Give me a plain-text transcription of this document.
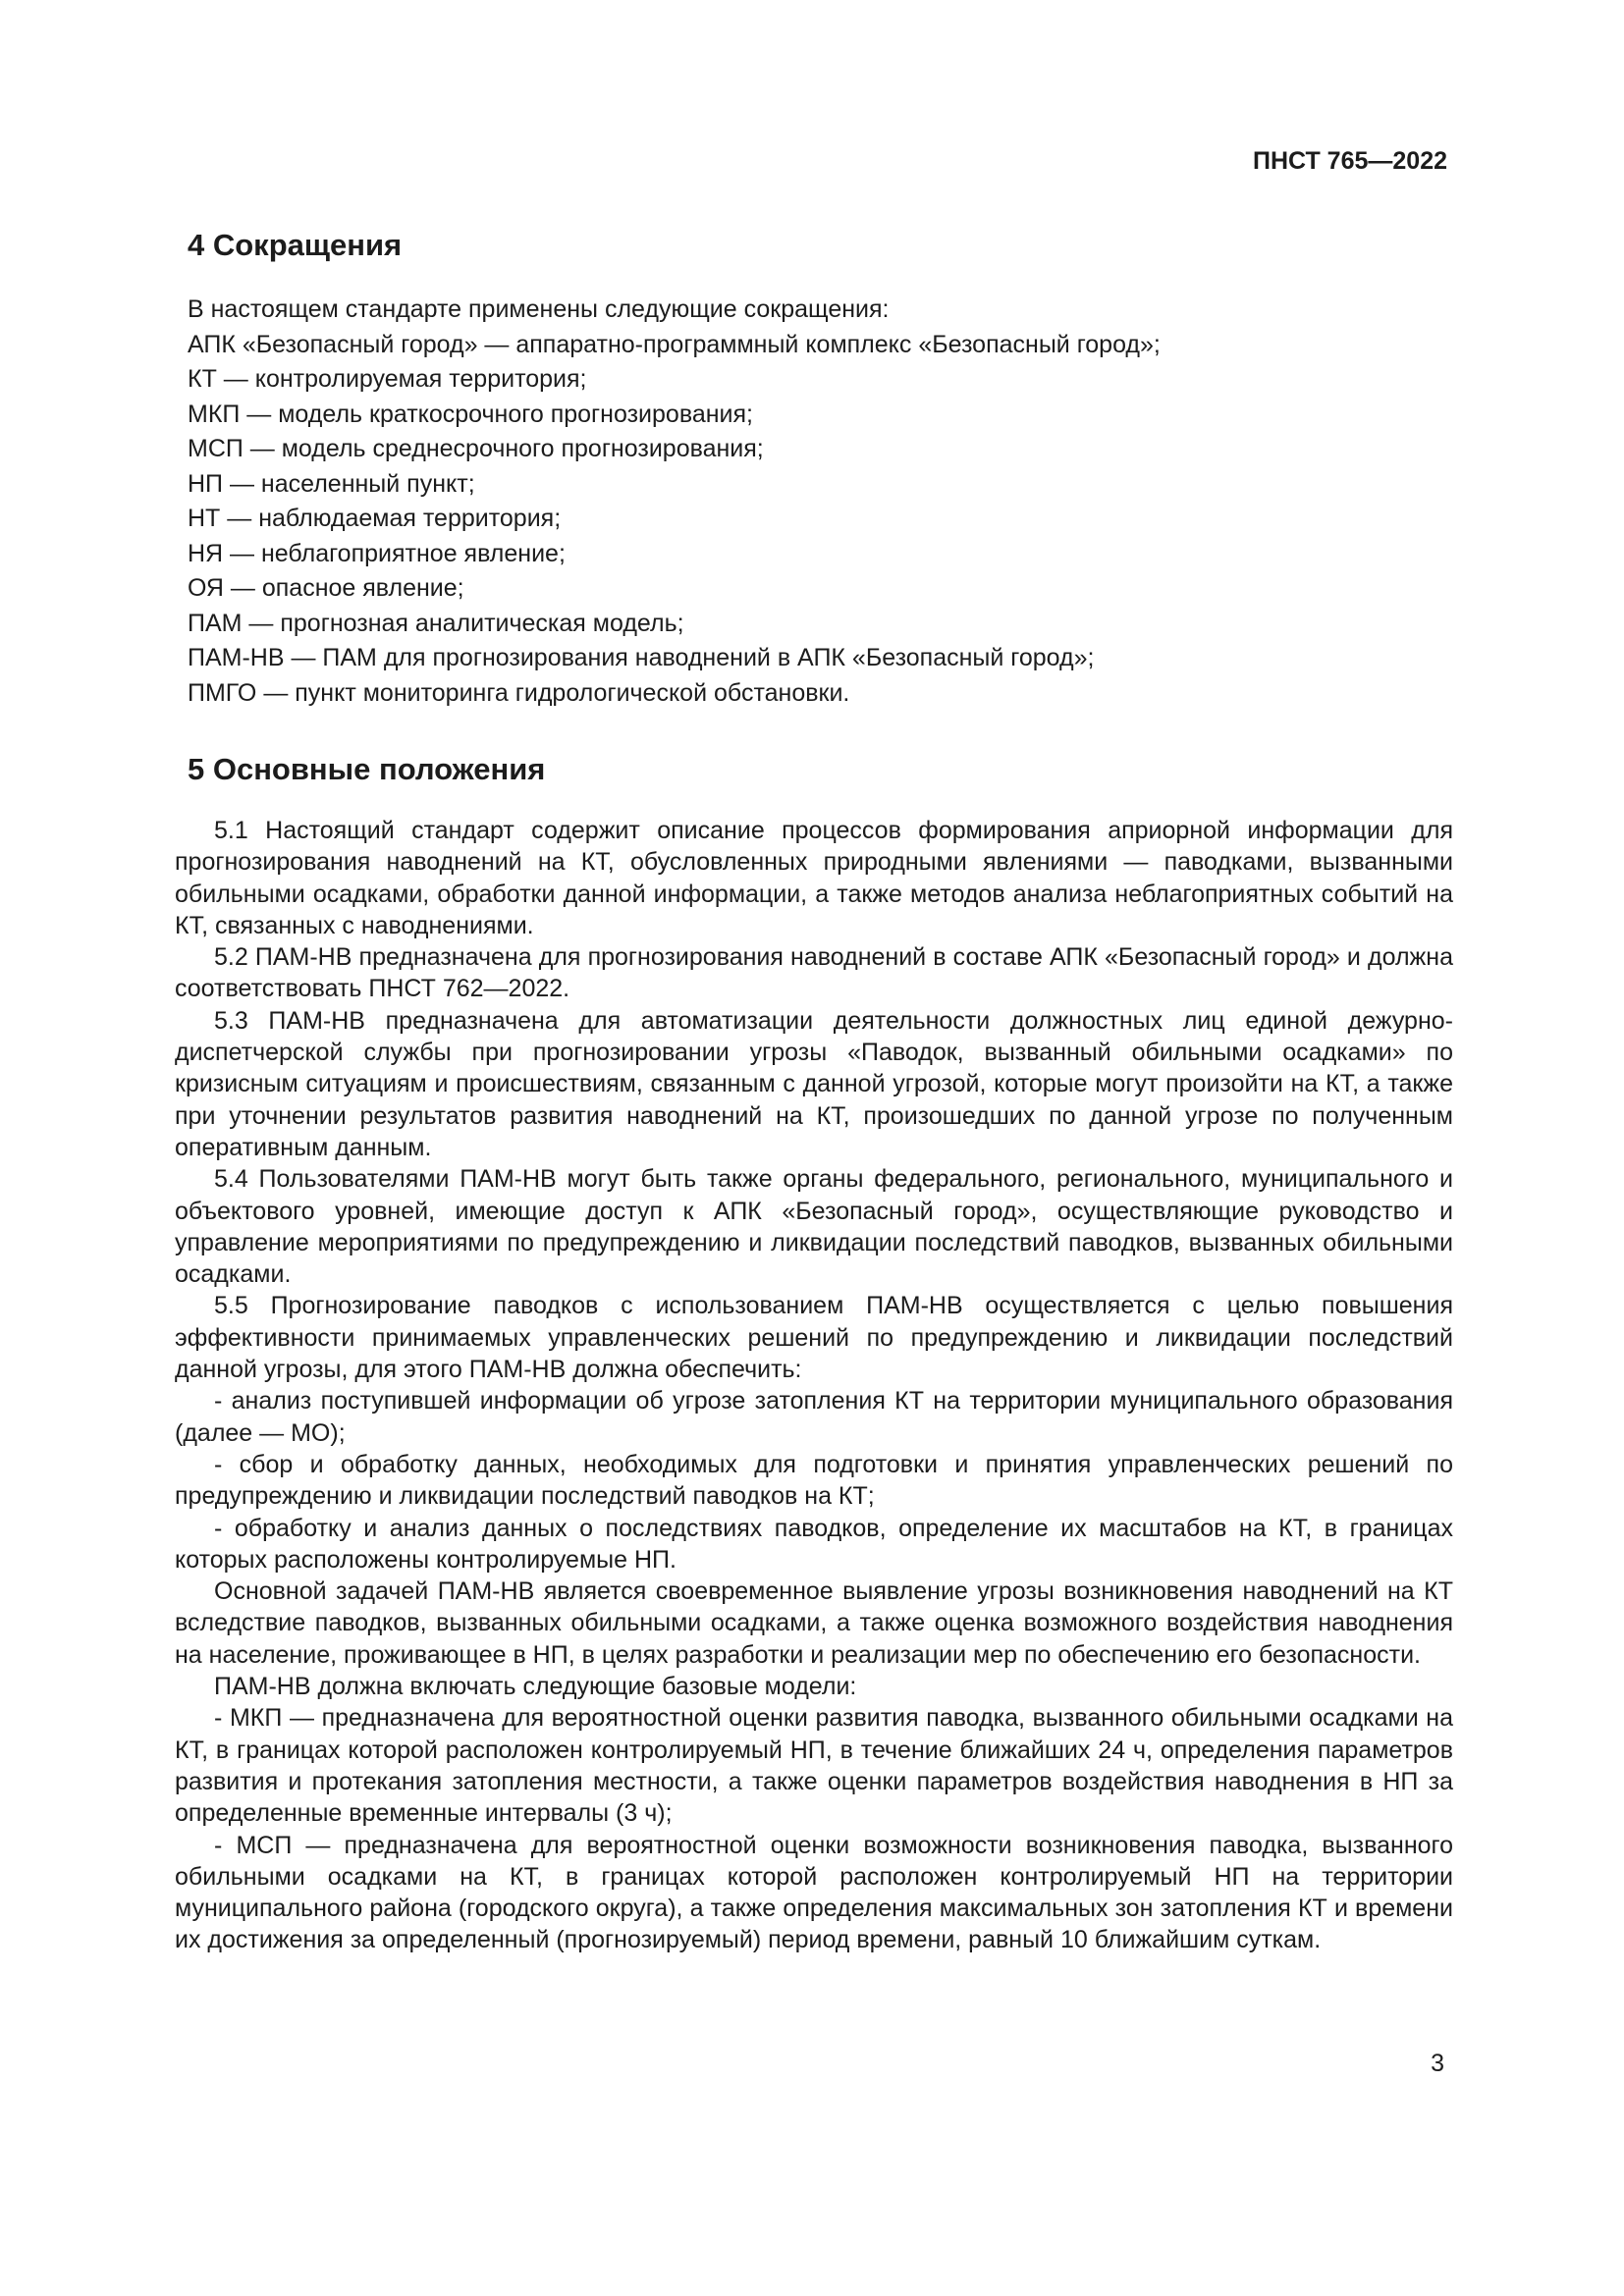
ПНСТ 765—2022
4 Сокращения
В настоящем стандарте применены следующие сокращения:
АПК «Безопасный город» — аппаратно-программный комплекс «Безопасный город»;
КТ — контролируемая территория;
МКП — модель краткосрочного прогнозирования;
МСП — модель среднесрочного прогнозирования;
НП — населенный пункт;
НТ — наблюдаемая территория;
НЯ — неблагоприятное явление;
ОЯ — опасное явление;
ПАМ — прогнозная аналитическая модель;
ПАМ-НВ — ПАМ для прогнозирования наводнений в АПК «Безопасный город»;
ПМГО — пункт мониторинга гидрологической обстановки.
5 Основные положения

5.1 Настоящий стандарт содержит описание процессов формирования априорной информации для прогнозирования наводнений на КТ, обусловленных природными явлениями — паводками, вызванными обильными осадками, обработки данной информации, а также методов анализа неблагоприятных событий на КТ, связанных с наводнениями.

5.2 ПАМ-НВ предназначена для прогнозирования наводнений в составе АПК «Безопасный город» и должна соответствовать ПНСТ 762—2022.

5.3 ПАМ-НВ предназначена для автоматизации деятельности должностных лиц единой дежурно-диспетчерской службы при прогнозировании угрозы «Паводок, вызванный обильными осадками» по кризисным ситуациям и происшествиям, связанным с данной угрозой, которые могут произойти на КТ, а также при уточнении результатов развития наводнений на КТ, произошедших по данной угрозе по полученным оперативным данным.

5.4 Пользователями ПАМ-НВ могут быть также органы федерального, регионального, муниципального и объектового уровней, имеющие доступ к АПК «Безопасный город», осуществляющие руководство и управление мероприятиями по предупреждению и ликвидации последствий паводков, вызванных обильными осадками.

5.5 Прогнозирование паводков с использованием ПАМ-НВ осуществляется с целью повышения эффективности принимаемых управленческих решений по предупреждению и ликвидации последствий данной угрозы, для этого ПАМ-НВ должна обеспечить:

- анализ поступившей информации об угрозе затопления КТ на территории муниципального образования (далее — МО);

- сбор и обработку данных, необходимых для подготовки и принятия управленческих решений по предупреждению и ликвидации последствий паводков на КТ;

- обработку и анализ данных о последствиях паводков, определение их масштабов на КТ, в границах которых расположены контролируемые НП.

Основной задачей ПАМ-НВ является своевременное выявление угрозы возникновения наводнений на КТ вследствие паводков, вызванных обильными осадками, а также оценка возможного воздействия наводнения на население, проживающее в НП, в целях разработки и реализации мер по обеспечению его безопасности.

ПАМ-НВ должна включать следующие базовые модели:

- МКП — предназначена для вероятностной оценки развития паводка, вызванного обильными осадками на КТ, в границах которой расположен контролируемый НП, в течение ближайших 24 ч, определения параметров развития и протекания затопления местности, а также оценки параметров воздействия наводнения в НП за определенные временные интервалы (3 ч);

- МСП — предназначена для вероятностной оценки возможности возникновения паводка, вызванного обильными осадками на КТ, в границах которой расположен контролируемый НП на территории муниципального района (городского округа), а также определения максимальных зон затопления КТ и времени их достижения за определенный (прогнозируемый) период времени, равный 10 ближайшим суткам.

3
